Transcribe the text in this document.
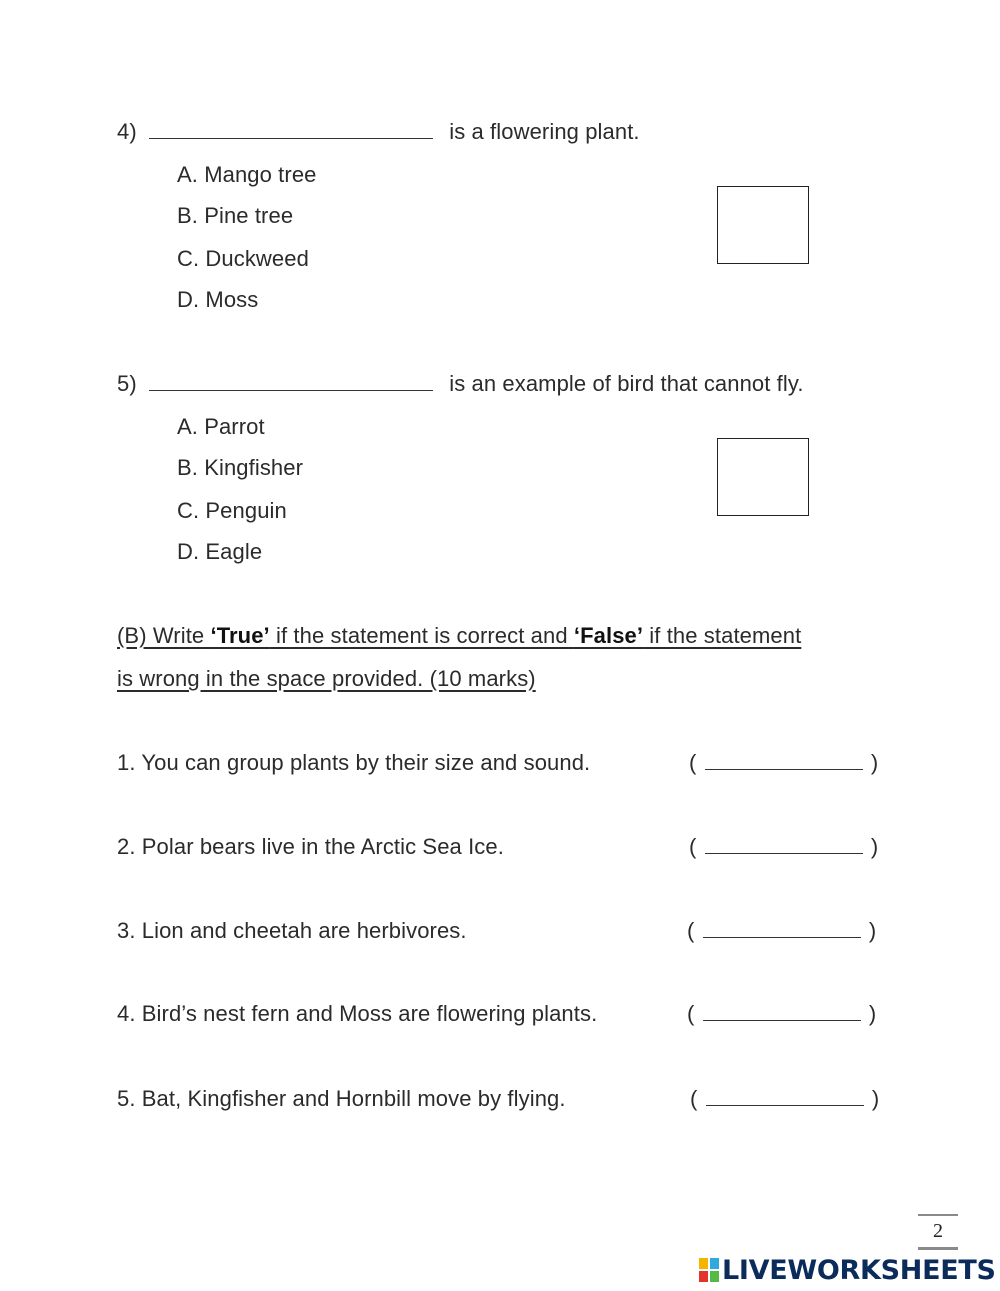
4)	is a flowering plant.
A. Mango tree
B. Pine tree
C. Duckweed
D. Moss
5)	is an example of bird that cannot fly.
A. Parrot
B. Kingfisher
C. Penguin
D. Eagle
(B) Write ‘True’ if the statement is correct and ‘False’ if the statement
is wrong in the space provided. (10 marks)
1. You can group plants by their size and sound.	(	)
2. Polar bears live in the Arctic Sea Ice.	(	)
3. Lion and cheetah are herbivores.	(	)
4. Bird’s nest fern and Moss are flowering plants.	(	)
5. Bat, Kingfisher and Hornbill move by flying.	(	)
2
LIVEWORKSHEETS
